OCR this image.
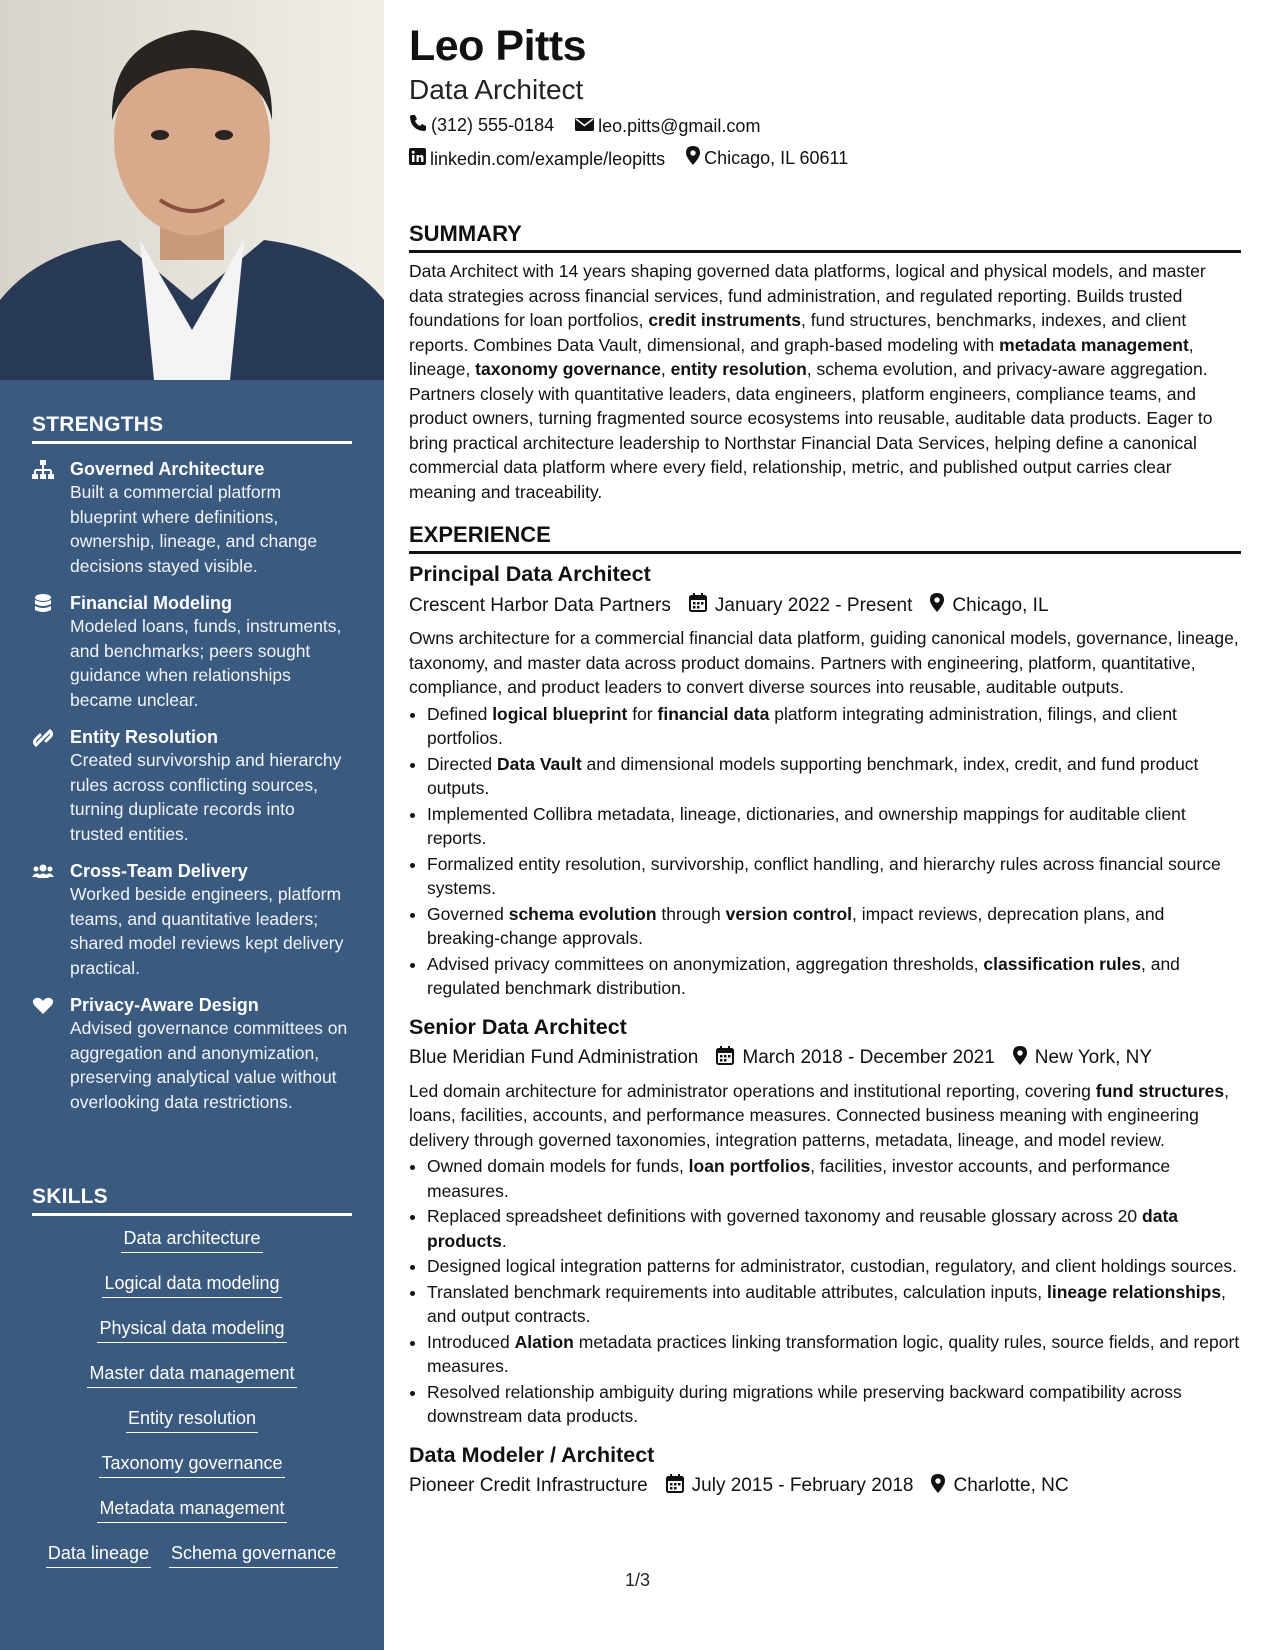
STRENGTHS
Governed Architecture
Built a commercial platform blueprint where definitions, ownership, lineage, and change decisions stayed visible.
Financial Modeling
Modeled loans, funds, instruments, and benchmarks; peers sought guidance when relationships became unclear.
Entity Resolution
Created survivorship and hierarchy rules across conflicting sources, turning duplicate records into trusted entities.
Cross-Team Delivery
Worked beside engineers, platform teams, and quantitative leaders; shared model reviews kept delivery practical.
Privacy-Aware Design
Advised governance committees on aggregation and anonymization, preserving analytical value without overlooking data restrictions.
SKILLS
Data architecture
Logical data modeling
Physical data modeling
Master data management
Entity resolution
Taxonomy governance
Metadata management
Data lineage Schema governance
Leo Pitts
Data Architect
(312) 555-0184
leo.pitts@gmail.com
linkedin.com/example/leopitts
Chicago, IL 60611
SUMMARY
Data Architect with 14 years shaping governed data platforms, logical and physical models, and master data strategies across financial services, fund administration, and regulated reporting. Builds trusted foundations for loan portfolios, credit instruments, fund structures, benchmarks, indexes, and client reports. Combines Data Vault, dimensional, and graph-based modeling with metadata management, lineage, taxonomy governance, entity resolution, schema evolution, and privacy-aware aggregation. Partners closely with quantitative leaders, data engineers, platform engineers, compliance teams, and product owners, turning fragmented source ecosystems into reusable, auditable data products. Eager to bring practical architecture leadership to Northstar Financial Data Services, helping define a canonical commercial data platform where every field, relationship, metric, and published output carries clear meaning and traceability.
EXPERIENCE
Principal Data Architect
Crescent Harbor Data Partners January 2022 - Present Chicago, IL
Owns architecture for a commercial financial data platform, guiding canonical models, governance, lineage, taxonomy, and master data across product domains. Partners with engineering, platform, quantitative, compliance, and product leaders to convert diverse sources into reusable, auditable outputs.
• Defined logical blueprint for financial data platform integrating administration, filings, and client portfolios.
• Directed Data Vault and dimensional models supporting benchmark, index, credit, and fund product outputs.
• Implemented Collibra metadata, lineage, dictionaries, and ownership mappings for auditable client reports.
• Formalized entity resolution, survivorship, conflict handling, and hierarchy rules across financial source systems.
• Governed schema evolution through version control, impact reviews, deprecation plans, and breaking-change approvals.
• Advised privacy committees on anonymization, aggregation thresholds, classification rules, and regulated benchmark distribution.
Senior Data Architect
Blue Meridian Fund Administration March 2018 - December 2021 New York, NY
Led domain architecture for administrator operations and institutional reporting, covering fund structures, loans, facilities, accounts, and performance measures. Connected business meaning with engineering delivery through governed taxonomies, integration patterns, metadata, lineage, and model review.
• Owned domain models for funds, loan portfolios, facilities, investor accounts, and performance measures.
• Replaced spreadsheet definitions with governed taxonomy and reusable glossary across 20 data products.
• Designed logical integration patterns for administrator, custodian, regulatory, and client holdings sources.
• Translated benchmark requirements into auditable attributes, calculation inputs, lineage relationships, and output contracts.
• Introduced Alation metadata practices linking transformation logic, quality rules, source fields, and report measures.
• Resolved relationship ambiguity during migrations while preserving backward compatibility across downstream data products.
Data Modeler / Architect
Pioneer Credit Infrastructure July 2015 - February 2018 Charlotte, NC
1/3
